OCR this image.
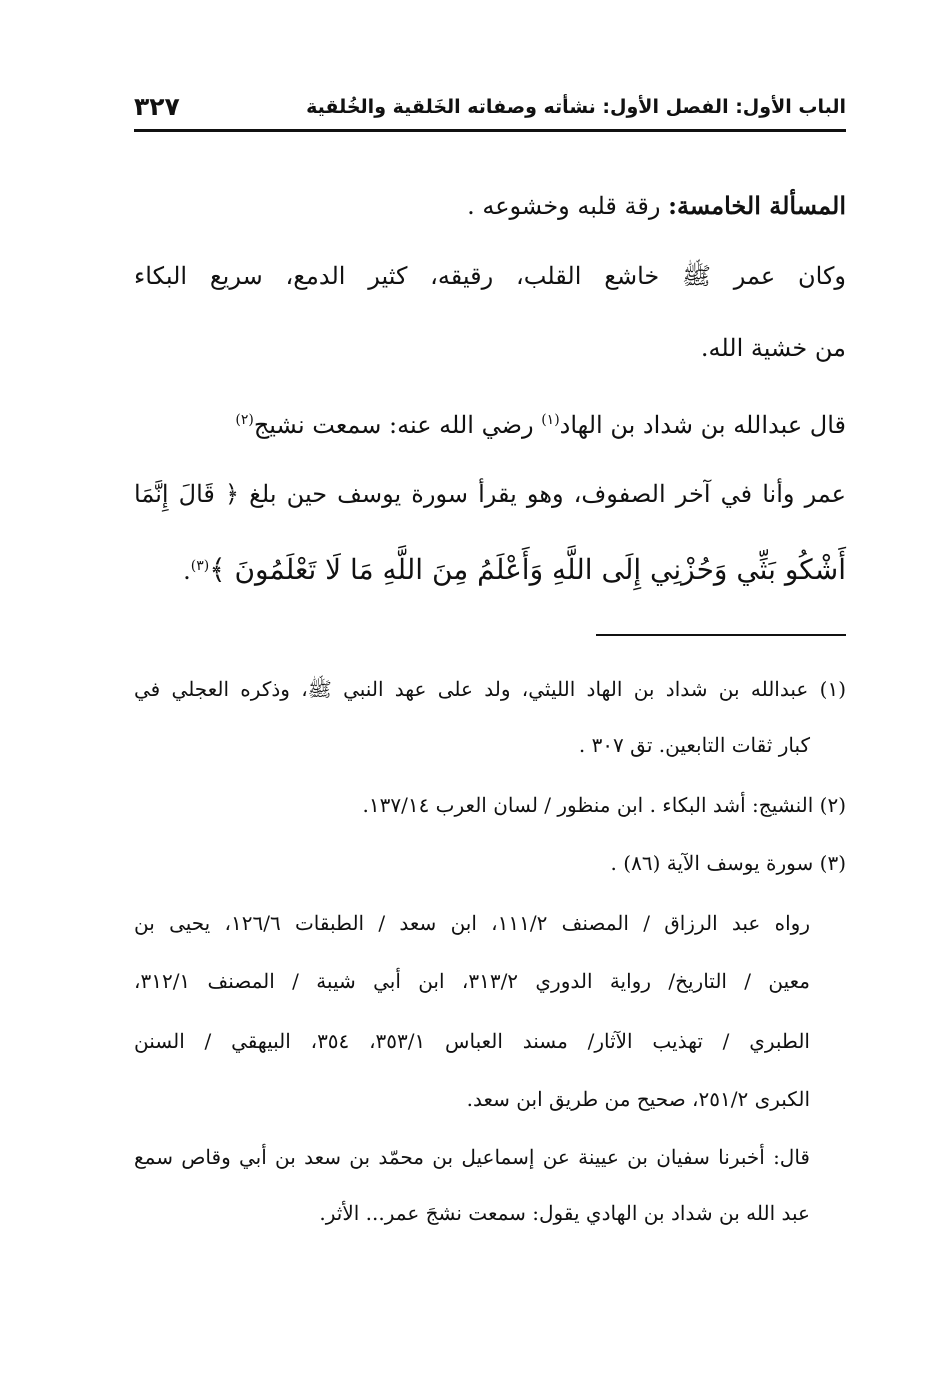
الباب الأول: الفصل الأول: نشأته وصفاته الخَلقية والخُلقية
٣٢٧
المسألة الخامسة: رقة قلبه وخشوعه .
وكان عمر ﷺ خاشع القلب، رقيقه، كثير الدمع، سريع البكاء
من خشية الله.
قال عبدالله بن شداد بن الهاد$^{(١)}$ رضي الله عنه: سمعت نشيج$^{(٢)}$
عمر وأنا في آخر الصفوف، وهو يقرأ سورة يوسف حين بلغ ﴿ قَالَ إِنَّمَا
أَشْكُو بَثِّي وَحُزْنِي إِلَى اللَّهِ وَأَعْلَمُ مِنَ اللَّهِ مَا لَا تَعْلَمُونَ ﴾$^{(٣)}$.
(١) عبدالله بن شداد بن الهاد الليثي، ولد على عهد النبي ﷺ، وذكره العجلي في
كبار ثقات التابعين. تق ٣٠٧ .
(٢) النشيج: أشد البكاء . ابن منظور / لسان العرب ١٣٧/١٤.
(٣) سورة يوسف الآية (٨٦) .
رواه عبد الرزاق / المصنف ١١١/٢، ابن سعد / الطبقات ١٢٦/٦، يحيى بن
معين / التاريخ/ رواية الدوري ٣١٣/٢، ابن أبي شيبة / المصنف ٣١٢/١،
الطبري / تهذيب الآثار/ مسند العباس ٣٥٣/١، ٣٥٤، البيهقي / السنن
الكبرى ٢٥١/٢، صحيح من طريق ابن سعد.
قال: أخبرنا سفيان بن عيينة عن إسماعيل بن محمّد بن سعد بن أبي وقاص سمع
عبد الله بن شداد بن الهادي يقول: سمعت نشجَ عمر... الأثر.
